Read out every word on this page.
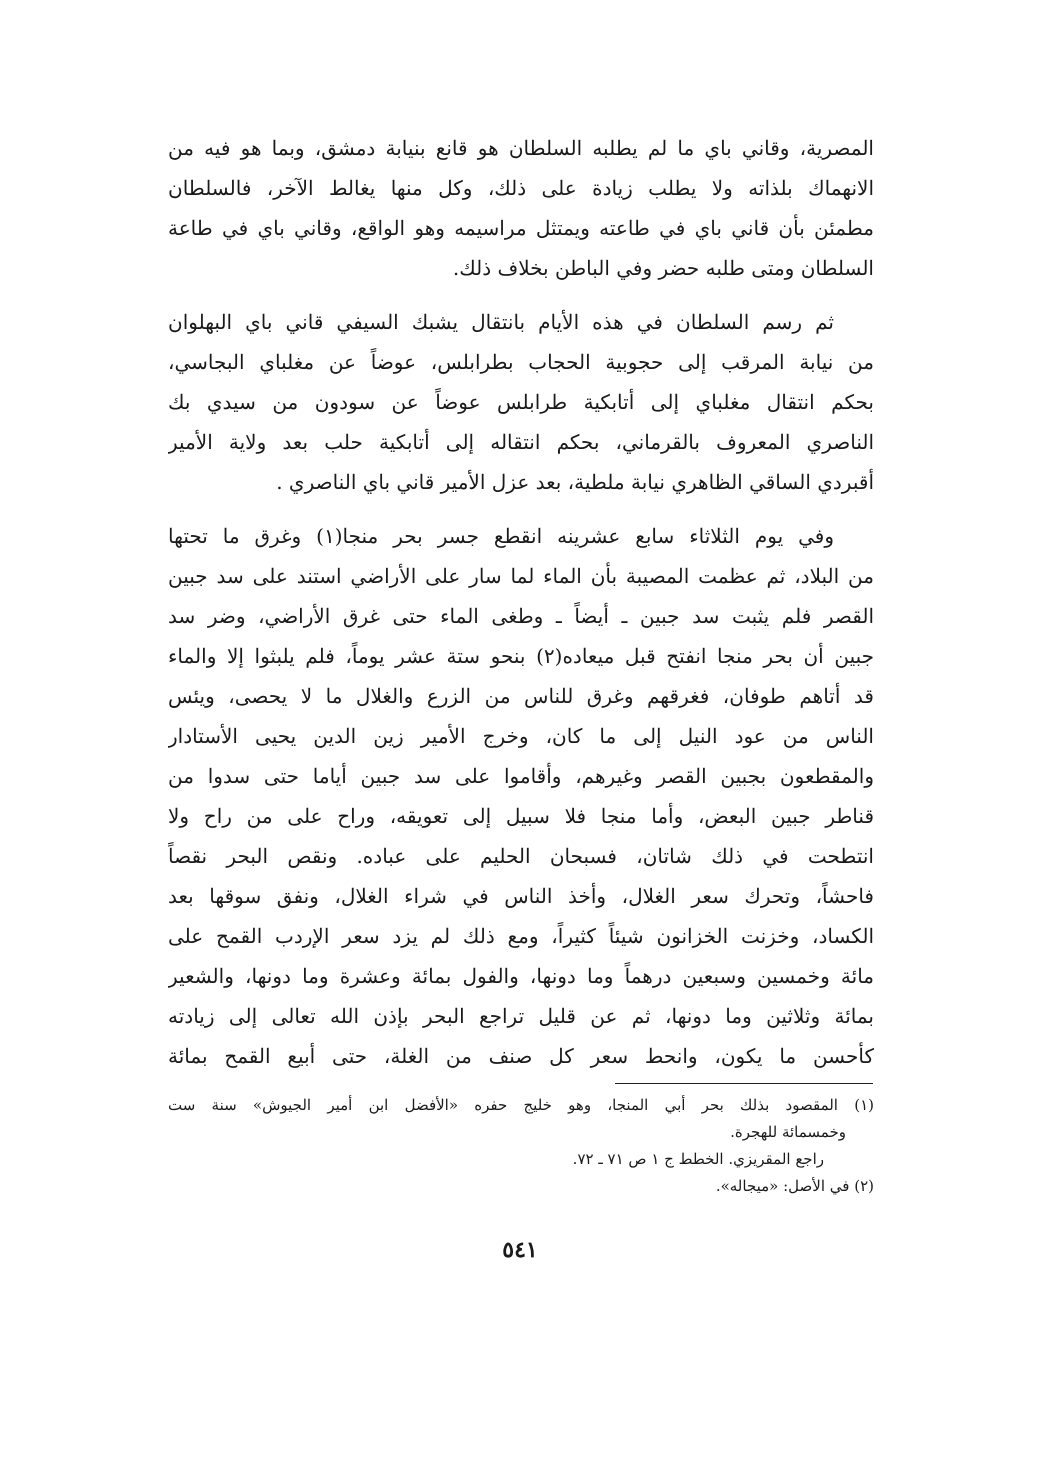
المصرية، وقاني باي ما لم يطلبه السلطان هو قانع بنيابة دمشق، وبما هو فيه من
الانهماك بلذاته ولا يطلب زيادة على ذلك، وكل منها يغالط الآخر، فالسلطان
مطمئن بأن قاني باي في طاعته ويمتثل مراسيمه وهو الواقع، وقاني باي في طاعة
السلطان ومتى طلبه حضر وفي الباطن بخلاف ذلك.
ثم رسم السلطان في هذه الأيام بانتقال يشبك السيفي قاني باي البهلوان
من نيابة المرقب إلى حجوبية الحجاب بطرابلس، عوضاً عن مغلباي البجاسي،
بحكم انتقال مغلباي إلى أتابكية طرابلس عوضاً عن سودون من سيدي بك
الناصري المعروف بالقرماني، بحكم انتقاله إلى أتابكية حلب بعد ولاية الأمير
أقبردي الساقي الظاهري نيابة ملطية، بعد عزل الأمير قاني باي الناصري .
وفي يوم الثلاثاء سابع عشرينه انقطع جسر بحر منجا(١) وغرق ما تحتها
من البلاد، ثم عظمت المصيبة بأن الماء لما سار على الأراضي استند على سد جبين
القصر فلم يثبت سد جبين ـ أيضاً ـ وطغى الماء حتى غرق الأراضي، وضر سد
جبين أن بحر منجا انفتح قبل ميعاده(٢) بنحو ستة عشر يوماً، فلم يلبثوا إلا والماء
قد أتاهم طوفان، فغرقهم وغرق للناس من الزرع والغلال ما لا يحصى، ويئس
الناس من عود النيل إلى ما كان، وخرج الأمير زين الدين يحيى الأستادار
والمقطعون بجبين القصر وغيرهم، وأقاموا على سد جبين أياما حتى سدوا من
قناطر جبين البعض، وأما منجا فلا سبيل إلى تعويقه، وراح على من راح ولا
انتطحت في ذلك شاتان، فسبحان الحليم على عباده. ونقص البحر نقصاً
فاحشاً، وتحرك سعر الغلال، وأخذ الناس في شراء الغلال، ونفق سوقها بعد
الكساد، وخزنت الخزانون شيئاً كثيراً، ومع ذلك لم يزد سعر الإردب القمح على
مائة وخمسين وسبعين درهماً وما دونها، والفول بمائة وعشرة وما دونها، والشعير
بمائة وثلاثين وما دونها، ثم عن قليل تراجع البحر بإذن الله تعالى إلى زيادته
كأحسن ما يكون، وانحط سعر كل صنف من الغلة، حتى أبيع القمح بمائة
(١) المقصود بذلك بحر أبي المنجا، وهو خليج حفره «الأفضل ابن أمير الجيوش» سنة ست
وخمسمائة للهجرة.
راجع المقريزي. الخطط ج ١ ص ٧١ ـ ٧٢.
(٢) في الأصل: «ميجاله».
٥٤١
